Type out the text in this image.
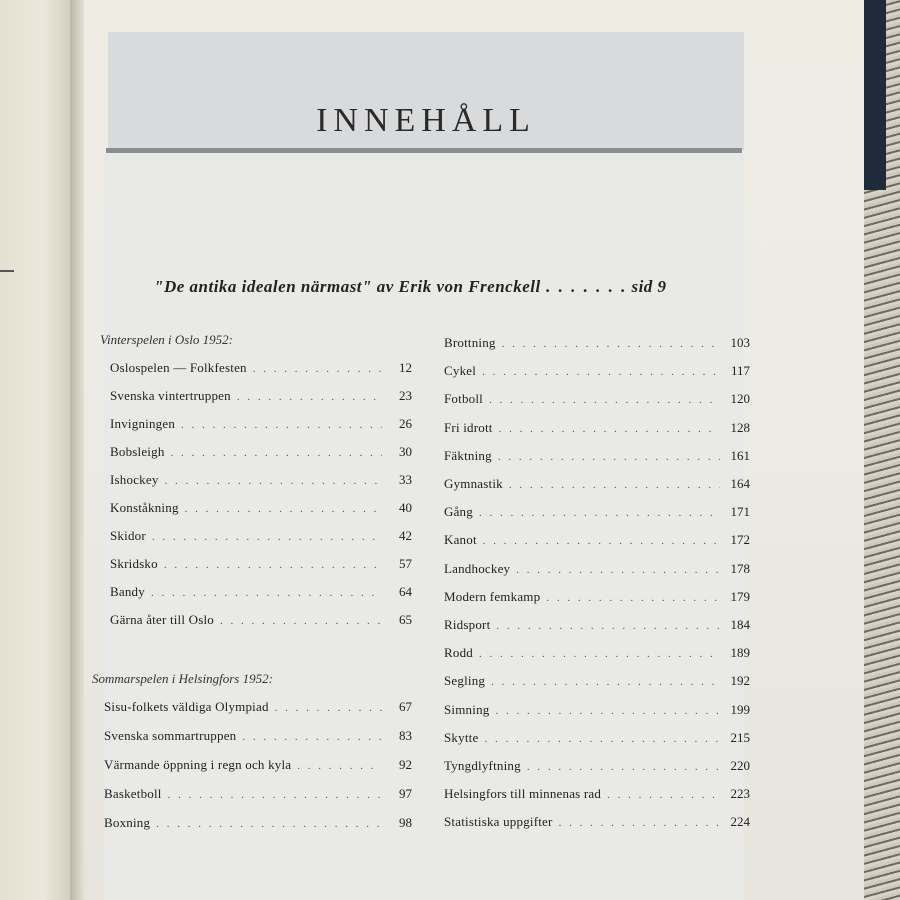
INNEHÅLL
"De antika idealen närmast" av Erik von Frenckell . . . . . . . sid 9
Vinterspelen i Oslo 1952:
Sommarspelen i Helsingfors 1952:
Oslospelen — Folkfesten . . .	12
Svenska vintertruppen . . .	23
Invigningen . . .	26
Bobsleigh . . .	30
Ishockey . . .	33
Konståkning . . .	40
Skidor . . .	42
Skridsko . . .	57
Bandy . . .	64
Gärna åter till Oslo . . .	65
Sisu-folkets väldiga Olympiad . . .	67
Svenska sommartruppen . . .	83
Värmande öppning i regn och kyla . . .	92
Basketboll . . .	97
Boxning . . .	98
Brottning . . .	103
Cykel . . .	117
Fotboll . . .	120
Fri idrott . . .	128
Fäktning . . .	161
Gymnastik . . .	164
Gång . . .	171
Kanot . . .	172
Landhockey . . .	178
Modern femkamp . . .	179
Ridsport . . .	184
Rodd . . .	189
Segling . . .	192
Simning . . .	199
Skytte . . .	215
Tyngdlyftning . . .	220
Helsingfors till minnenas rad . . .	223
Statistiska uppgifter . . .	224
